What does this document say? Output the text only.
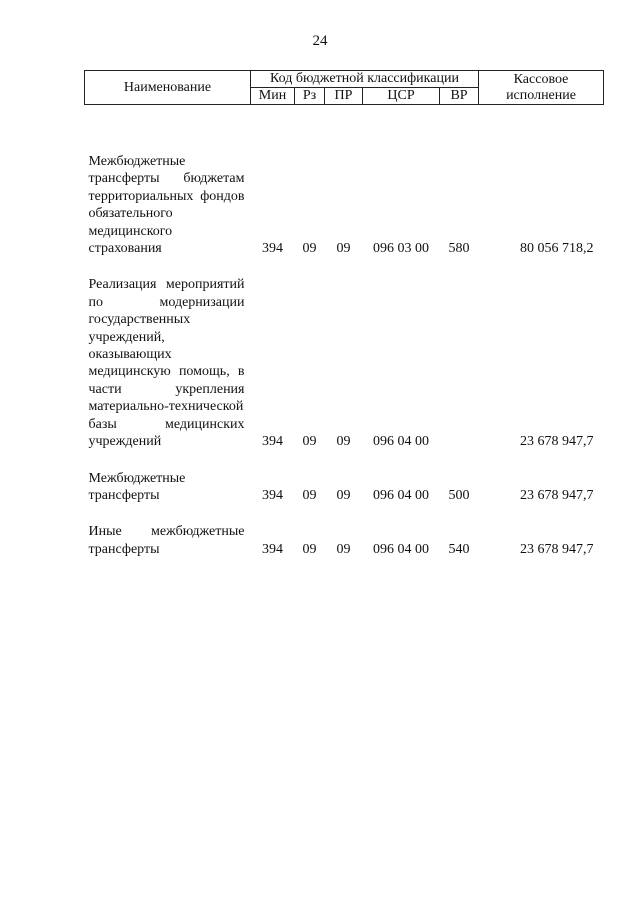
24
Наименование	Код бюджетной классификации					Кассовое исполнение
	Мин	Рз	ПР	ЦСР	ВР	
Межбюджетные трансферты бюджетам территориальных фондов обязательного медицинского страхования	394	09	09	096 03 00	580	80 056 718,2
Реализация мероприятий по модернизации государственных учреждений, оказывающих медицинскую помощь, в части укрепления материально-технической базы медицинских учреждений	394	09	09	096 04 00		23 678 947,7
Межбюджетные трансферты	394	09	09	096 04 00	500	23 678 947,7
Иные межбюджетные трансферты	394	09	09	096 04 00	540	23 678 947,7
